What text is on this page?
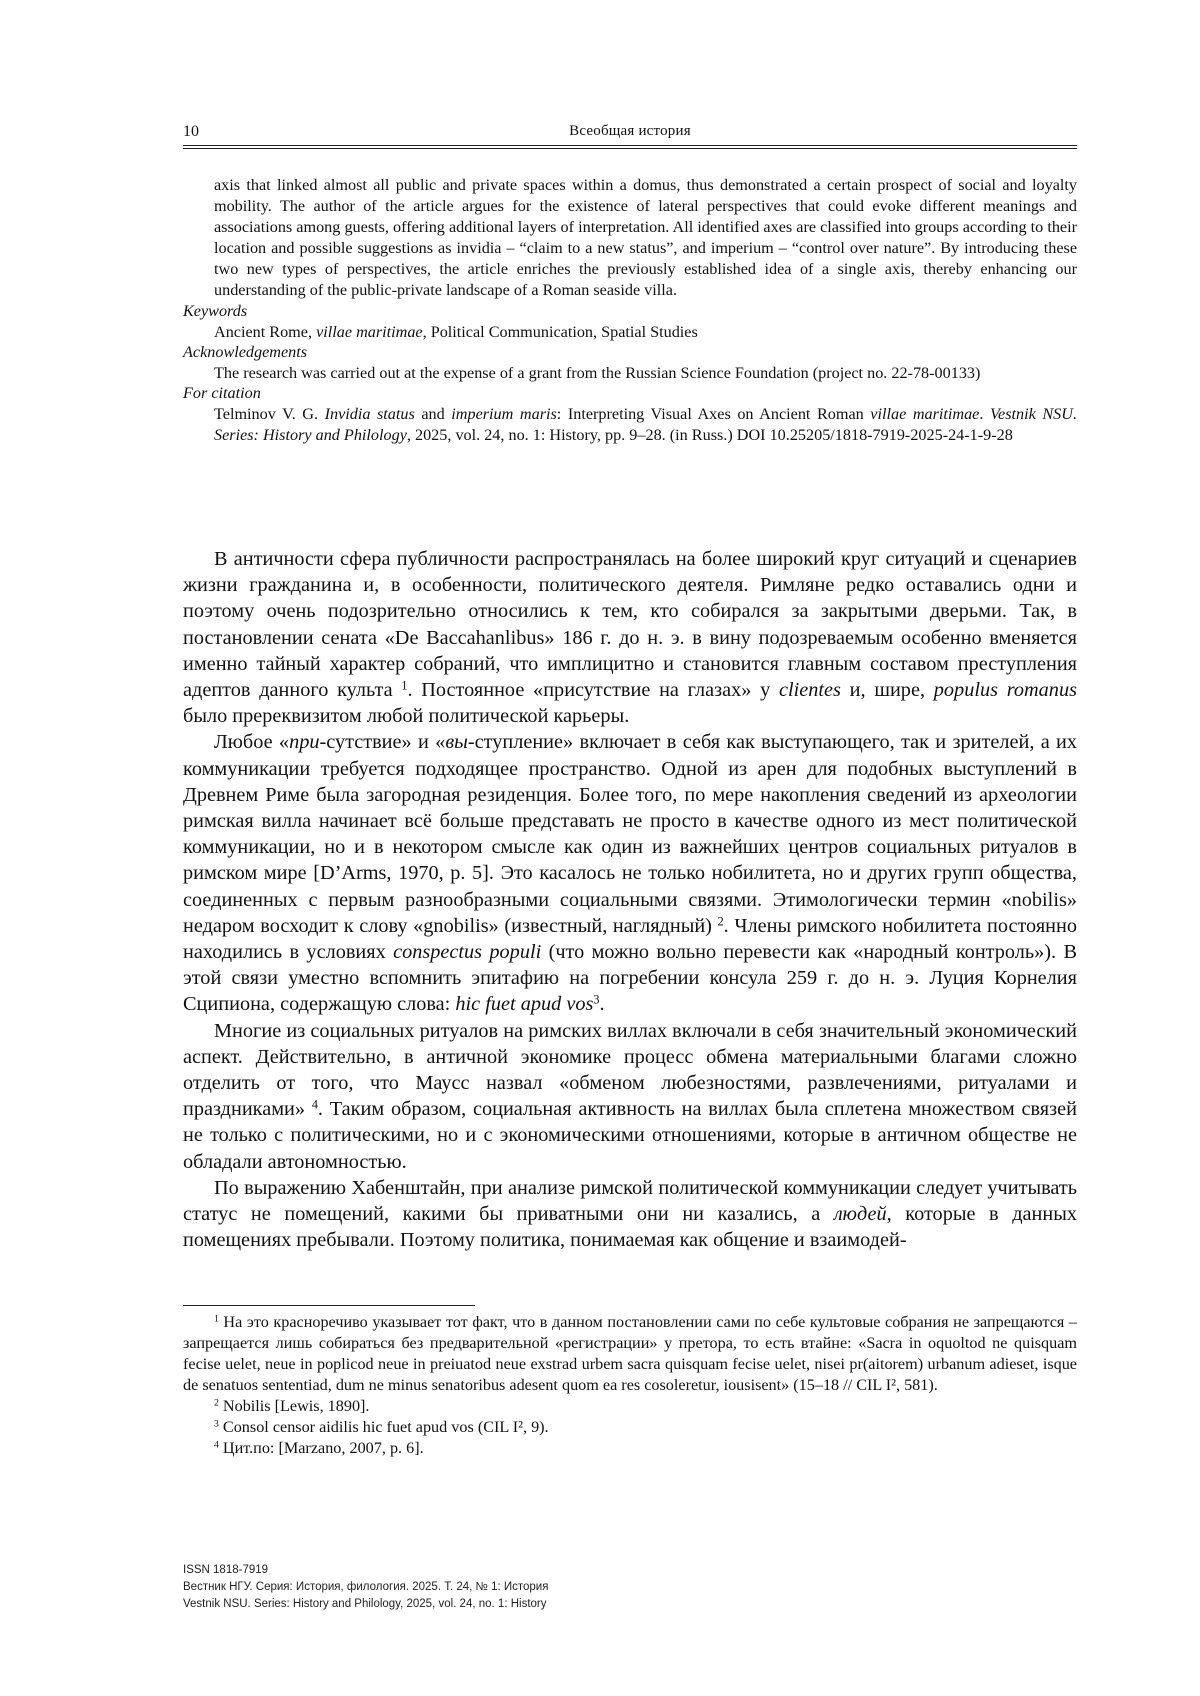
10	Всеобщая история
axis that linked almost all public and private spaces within a domus, thus demonstrated a certain prospect of social and loyalty mobility. The author of the article argues for the existence of lateral perspectives that could evoke different meanings and associations among guests, offering additional layers of interpretation. All identified axes are classified into groups according to their location and possible suggestions as invidia – “claim to a new status”, and imperium – “control over nature”. By introducing these two new types of perspectives, the article enriches the previously established idea of a single axis, thereby enhancing our understanding of the public-private landscape of a Roman seaside villa.
Keywords
Ancient Rome, villae maritimae, Political Communication, Spatial Studies
Acknowledgements
The research was carried out at the expense of a grant from the Russian Science Foundation (project no. 22-78-00133)
For citation
Telminov V. G. Invidia status and imperium maris: Interpreting Visual Axes on Ancient Roman villae maritimae. Vestnik NSU. Series: History and Philology, 2025, vol. 24, no. 1: History, pp. 9–28. (in Russ.) DOI 10.25205/1818-7919-2025-24-1-9-28

В античности сфера публичности распространялась на более широкий круг ситуаций и сценариев жизни гражданина и, в особенности, политического деятеля. Римляне редко оставались одни и поэтому очень подозрительно относились к тем, кто собирался за закрытыми дверьми. Так, в постановлении сената «De Baccahanlibus» 186 г. до н. э. в вину подозреваемым особенно вменяется именно тайный характер собраний, что имплицитно и становится главным составом преступления адептов данного культа $^1$. Постоянное «присутствие на глазах» у clientes и, шире, populus romanus было пререквизитом любой политической карьеры.

Любое «при-сутствие» и «вы-ступление» включает в себя как выступающего, так и зрителей, а их коммуникации требуется подходящее пространство. Одной из арен для подобных выступлений в Древнем Риме была загородная резиденция. Более того, по мере накопления сведений из археологии римская вилла начинает всё больше представать не просто в качестве одного из мест политической коммуникации, но и в некотором смысле как один из важнейших центров социальных ритуалов в римском мире [D’Arms, 1970, p. 5]. Это касалось не только нобилитета, но и других групп общества, соединенных с первым разнообразными социальными связями. Этимологически термин «nobilis» недаром восходит к слову «gnobilis» (известный, наглядный) $^2$. Члены римского нобилитета постоянно находились в условиях conspectus populi (что можно вольно перевести как «народный контроль»). В этой связи уместно вспомнить эпитафию на погребении консула 259 г. до н. э. Луция Корнелия Сципиона, содержащую слова: hic fuet apud vos$^3$.

Многие из социальных ритуалов на римских виллах включали в себя значительный экономический аспект. Действительно, в античной экономике процесс обмена материальными благами сложно отделить от того, что Маусс назвал «обменом любезностями, развлечениями, ритуалами и праздниками» $^4$. Таким образом, социальная активность на виллах была сплетена множеством связей не только с политическими, но и с экономическими отношениями, которые в античном обществе не обладали автономностью.

По выражению Хабенштайн, при анализе римской политической коммуникации следует учитывать статус не помещений, какими бы приватными они ни казались, а людей, которые в данных помещениях пребывали. Поэтому политика, понимаемая как общение и взаимодей-

$^1$ На это красноречиво указывает тот факт, что в данном постановлении сами по себе культовые собрания не запрещаются – запрещается лишь собираться без предварительной «регистрации» у претора, то есть втайне: «Sacra in oquoltod ne quisquam fecise uelet, neue in poplicod neue in preiuatod neue exstrad urbem sacra quisquam fecise uelet, nisei pr(aitorem) urbanum adieset, isque de senatuos sententiad, dum ne minus senatoribus adesent quom ea res cosoleretur, iousisent» (15–18 // CIL I², 581).

$^2$ Nobilis [Lewis, 1890].

$^3$ Consol censor aidilis hic fuet apud vos (CIL I², 9).

$^4$ Цит.по: [Marzano, 2007, p. 6].

ISSN 1818-7919
Вестник НГУ. Серия: История, филология. 2025. Т. 24, № 1: История
Vestnik NSU. Series: History and Philology, 2025, vol. 24, no. 1: History
